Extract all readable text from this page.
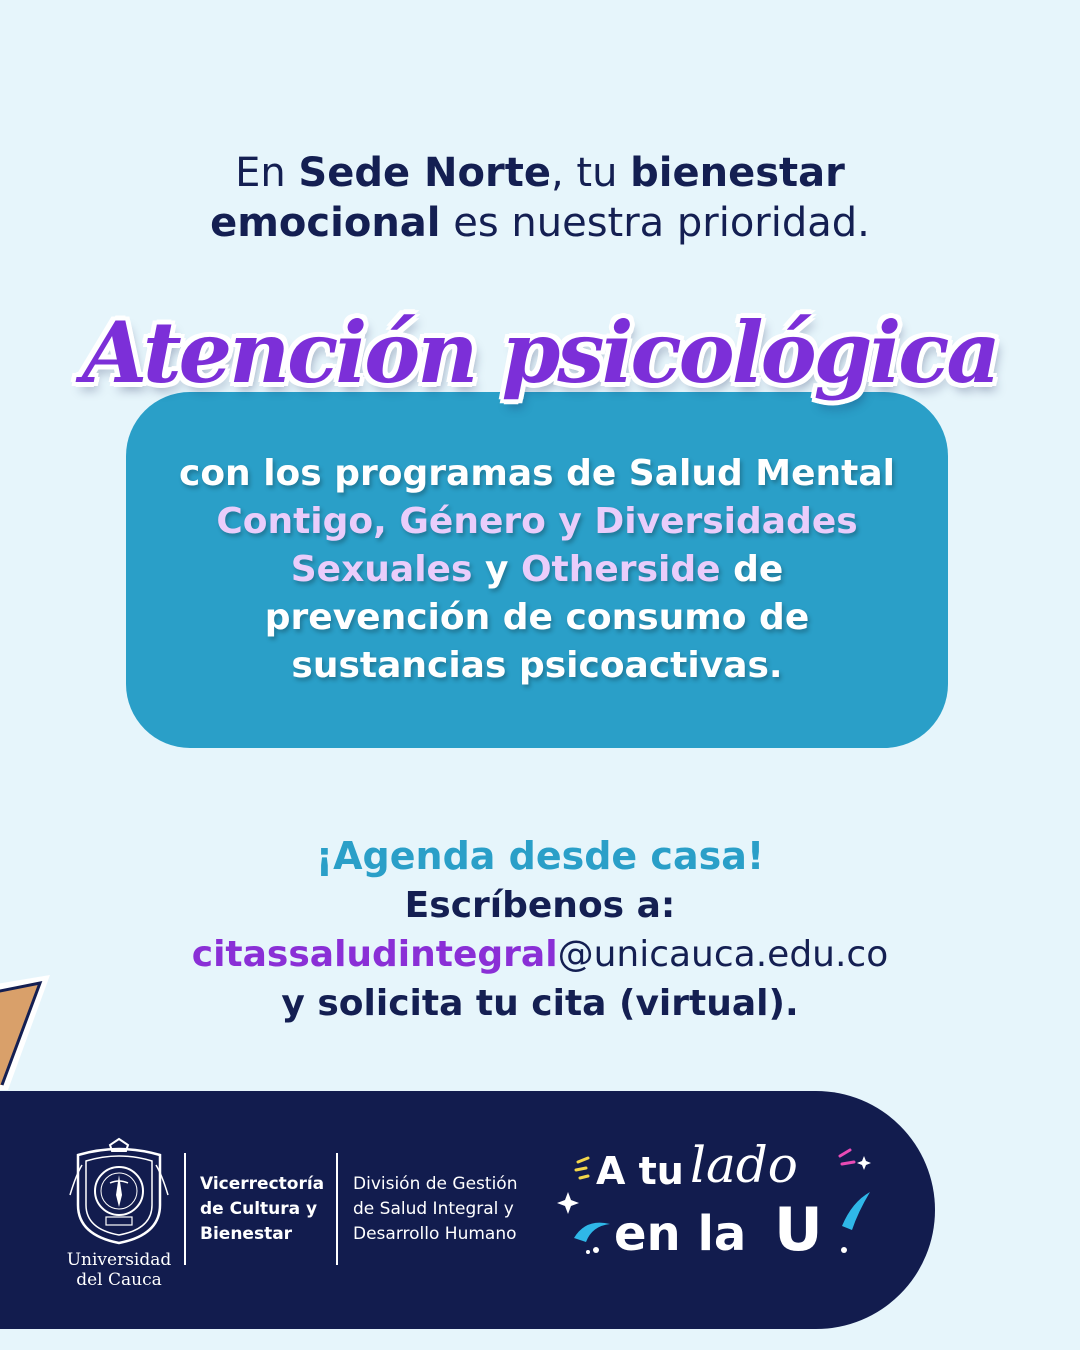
En Sede Norte, tu bienestar
emocional es nuestra prioridad.
Atención psicológica
con los programas de Salud Mental
Contigo, Género y Diversidades
Sexuales y Otherside de
prevención de consumo de
sustancias psicoactivas.
¡Agenda desde casa!
Escríbenos a:
citassaludintegral@unicauca.edu.co
y solicita tu cita (virtual).
Universidad
del Cauca
Vicerrectoría
de Cultura y
Bienestar
División de Gestión
de Salud Integral y
Desarrollo Humano
A tu lado
en la U
